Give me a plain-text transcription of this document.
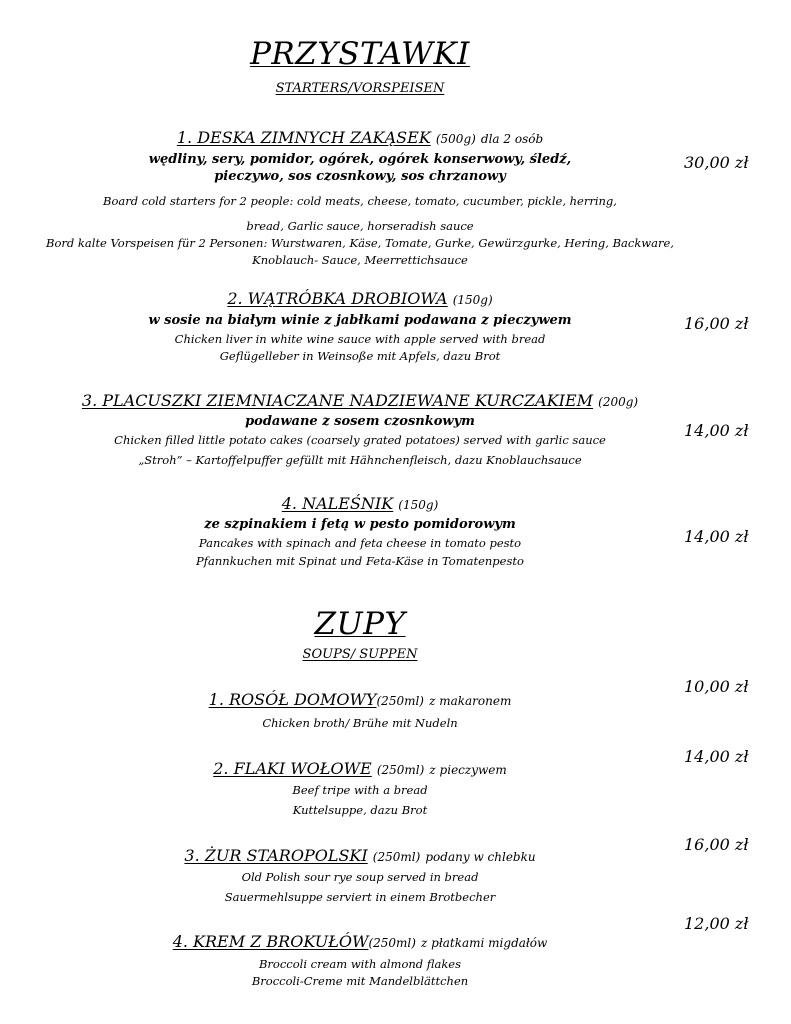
PRZYSTAWKI
STARTERS/VORSPEISEN
1. DESKA ZIMNYCH ZAKĄSEK (500g) dla 2 osób
wędliny, sery, pomidor, ogórek, ogórek konserwowy, śledź,
pieczywo, sos czosnkowy, sos chrzanowy
Board cold starters for 2 people: cold meats, cheese, tomato, cucumber, pickle, herring,
bread, Garlic sauce, horseradish sauce
Bord kalte Vorspeisen für 2 Personen: Wurstwaren, Käse, Tomate, Gurke, Gewürzgurke, Hering, Backware,
Knoblauch- Sauce, Meerrettichsauce
30,00 zł
2. WĄTRÓBKA DROBIOWA (150g)
w sosie na białym winie z jabłkami podawana z pieczywem
Chicken liver in white wine sauce with apple served with bread
Geflügelleber in Weinsoße mit Apfels, dazu Brot
16,00 zł
3. PLACUSZKI ZIEMNIACZANE NADZIEWANE KURCZAKIEM (200g)
podawane z sosem czosnkowym
Chicken filled little potato cakes (coarsely grated potatoes) served with garlic sauce
„Stroh” – Kartoffelpuffer gefüllt mit Hähnchenfleisch, dazu Knoblauchsauce
14,00 zł
4. NALEŚNIK (150g)
ze szpinakiem i fetą w pesto pomidorowym
Pancakes with spinach and feta cheese in tomato pesto
Pfannkuchen mit Spinat und Feta-Käse in Tomatenpesto
14,00 zł
ZUPY
SOUPS/ SUPPEN
1. ROSÓŁ DOMOWY(250ml) z makaronem
Chicken broth/ Brühe mit Nudeln
10,00 zł
2. FLAKI WOŁOWE (250ml) z pieczywem
Beef tripe with a bread
Kuttelsuppe, dazu Brot
14,00 zł
3. ŻUR STAROPOLSKI (250ml) podany w chlebku
Old Polish sour rye soup served in bread
Sauermehlsuppe serviert in einem Brotbecher
16,00 zł
4. KREM Z BROKUŁÓW(250ml) z płatkami migdałów
Broccoli cream with almond flakes
Broccoli-Creme mit Mandelblättchen
12,00 zł
